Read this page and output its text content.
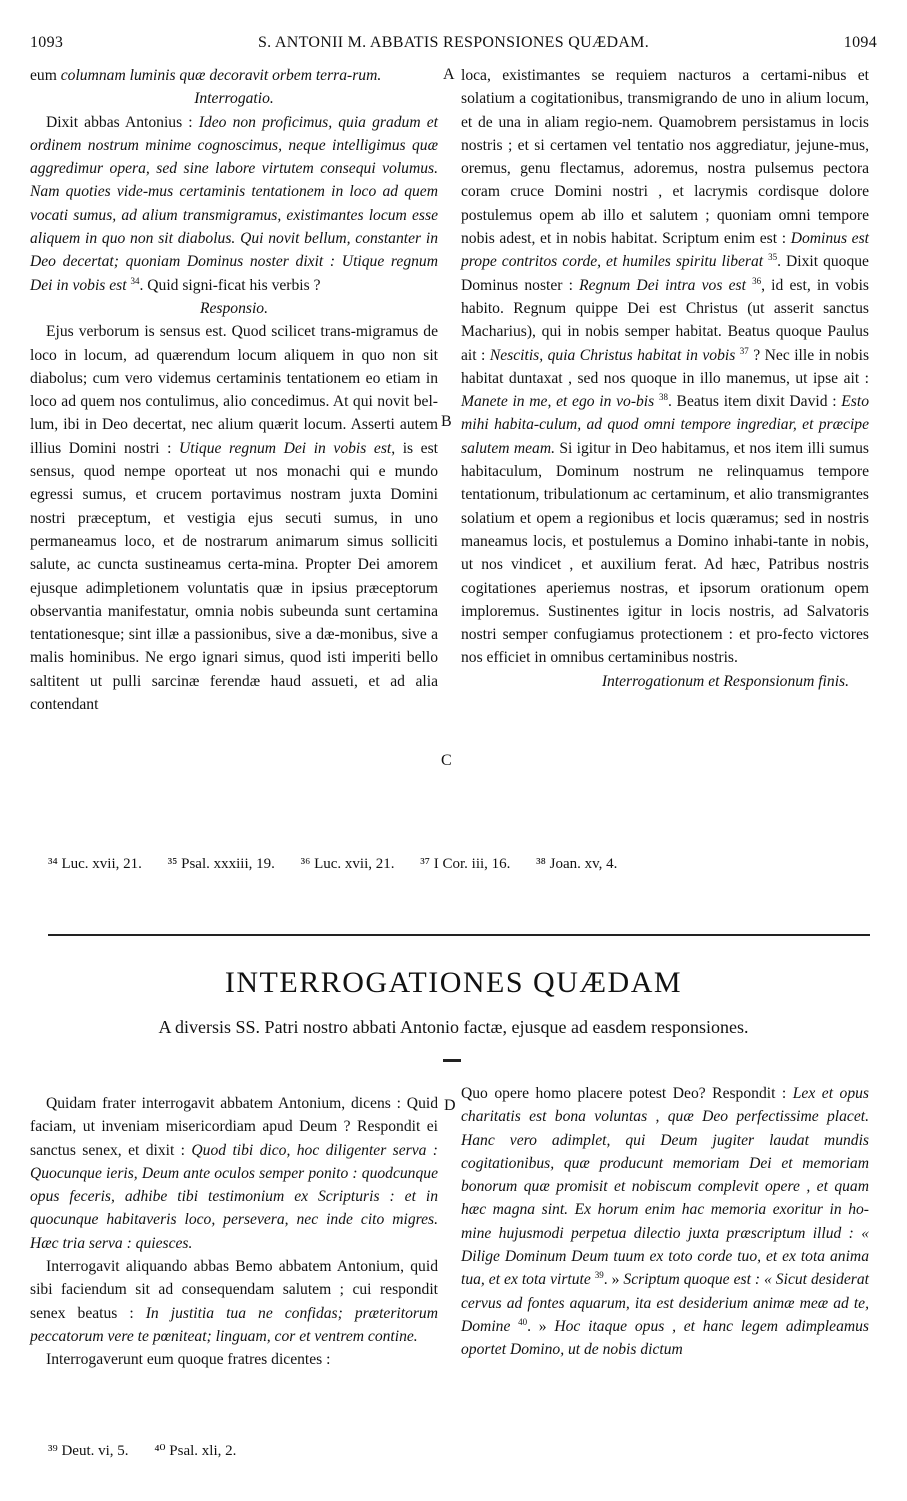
1093	S. ANTONII M. ABBATIS RESPONSIONES QUÆDAM.	1094

eum columnam luminis quæ decoravit orbem terra-rum.

Interrogatio.

Dixit abbas Antonius : Ideo non proficimus, quia gradum et ordinem nostrum minime cognoscimus, neque intelligimus quæ aggredimur opera, sed sine labore virtutem consequi volumus. Nam quoties vide-mus certaminis tentationem in loco ad quem vocati sumus, ad alium transmigramus, existimantes locum esse aliquem in quo non sit diabolus. Qui novit bellum, constanter in Deo decertat; quoniam Dominus noster dixit : Utique regnum Dei in vobis est $^{34}$. Quid signi-ficat his verbis ?

Responsio.

Ejus verborum is sensus est. Quod scilicet trans-migramus de loco in locum, ad quærendum locum aliquem in quo non sit diabolus; cum vero videmus certaminis tentationem eo etiam in loco ad quem nos contulimus, alio concedimus. At qui novit bel-lum, ibi in Deo decertat, nec alium quærit locum. Asserti autem illius Domini nostri : Utique regnum Dei in vobis est, is est sensus, quod nempe oporteat ut nos monachi qui e mundo egressi sumus, et crucem portavimus nostram juxta Domini nostri præceptum, et vestigia ejus secuti sumus, in uno permaneamus loco, et de nostrarum animarum simus solliciti salute, ac cuncta sustineamus certa-mina. Propter Dei amorem ejusque adimpletionem voluntatis quæ in ipsius præceptorum observantia manifestatur, omnia nobis subeunda sunt certamina tentationesque; sint illæ a passionibus, sive a dæ-monibus, sive a malis hominibus. Ne ergo ignari simus, quod isti imperiti bello saltitent ut pulli sarcinæ ferendæ haud assueti, et ad alia contendant

loca, existimantes se requiem nacturos a certami-nibus et solatium a cogitationibus, transmigrando de uno in alium locum, et de una in aliam regio-nem. Quamobrem persistamus in locis nostris ; et si certamen vel tentatio nos aggrediatur, jejune-mus, oremus, genu flectamus, adoremus, nostra pulsemus pectora coram cruce Domini nostri , et lacrymis cordisque dolore postulemus opem ab illo et salutem ; quoniam omni tempore nobis adest, et in nobis habitat. Scriptum enim est : Dominus est prope contritos corde, et humiles spiritu liberat $^{35}$. Dixit quoque Dominus noster : Regnum Dei intra vos est $^{36}$, id est, in vobis habito. Regnum quippe Dei est Christus (ut asserit sanctus Macharius), qui in nobis semper habitat. Beatus quoque Paulus ait : Nescitis, quia Christus habitat in vobis $^{37}$ ? Nec ille in nobis habitat duntaxat , sed nos quoque in illo manemus, ut ipse ait : Manete in me, et ego in vo-bis $^{38}$. Beatus item dixit David : Esto mihi habita-culum, ad quod omni tempore ingrediar, et præcipe salutem meam. Si igitur in Deo habitamus, et nos item illi sumus habitaculum, Dominum nostrum ne relinquamus tempore tentationum, tribulationum ac certaminum, et alio transmigrantes solatium et opem a regionibus et locis quæramus; sed in nostris maneamus locis, et postulemus a Domino inhabi-tante in nobis, ut nos vindicet , et auxilium ferat. Ad hæc, Patribus nostris cogitationes aperiemus nostras, et ipsorum orationum opem imploremus. Sustinentes igitur in locis nostris, ad Salvatoris nostri semper confugiamus protectionem : et pro-fecto victores nos efficiet in omnibus certaminibus nostris.

Interrogationum et Responsionum finis.

A
B
C
D
³⁴ Luc. xvii, 21. ³⁵ Psal. xxxiii, 19. ³⁶ Luc. xvii, 21. ³⁷ I Cor. iii, 16. ³⁸ Joan. xv, 4.
INTERROGATIONES QUÆDAM
A diversis SS. Patri nostro abbati Antonio factæ, ejusque ad easdem responsiones.

Quidam frater interrogavit abbatem Antonium, dicens : Quid faciam, ut inveniam misericordiam apud Deum ? Respondit ei sanctus senex, et dixit : Quod tibi dico, hoc diligenter serva : Quocunque ieris, Deum ante oculos semper ponito : quodcunque opus feceris, adhibe tibi testimonium ex Scripturis : et in quocunque habitaveris loco, persevera, nec inde cito migres. Hæc tria serva : quiesces.

Interrogavit aliquando abbas Bemo abbatem Antonium, quid sibi faciendum sit ad consequendam salutem ; cui respondit senex beatus : In justitia tua ne confidas; præteritorum peccatorum vere te pœniteat; linguam, cor et ventrem contine.

Interrogaverunt eum quoque fratres dicentes :

Quo opere homo placere potest Deo? Respondit : Lex et opus charitatis est bona voluntas , quæ Deo perfectissime placet. Hanc vero adimplet, qui Deum jugiter laudat mundis cogitationibus, quæ producunt memoriam Dei et memoriam bonorum quæ promisit et nobiscum complevit opere , et quam hæc magna sint. Ex horum enim hac memoria exoritur in ho-mine hujusmodi perpetua dilectio juxta præscriptum illud : « Diligе Dominum Deum tuum ex toto corde tuo, et ex tota anima tua, et ex tota virtute $^{39}$. » Scriptum quoque est : « Sicut desiderat cervus ad fontes aquarum, ita est desiderium animæ meæ ad te, Domine $^{40}$. » Hoc itaque opus , et hanc legem adimpleamus oportet Domino, ut de nobis dictum

³⁹ Deut. vi, 5. ⁴⁰ Psal. xli, 2.
